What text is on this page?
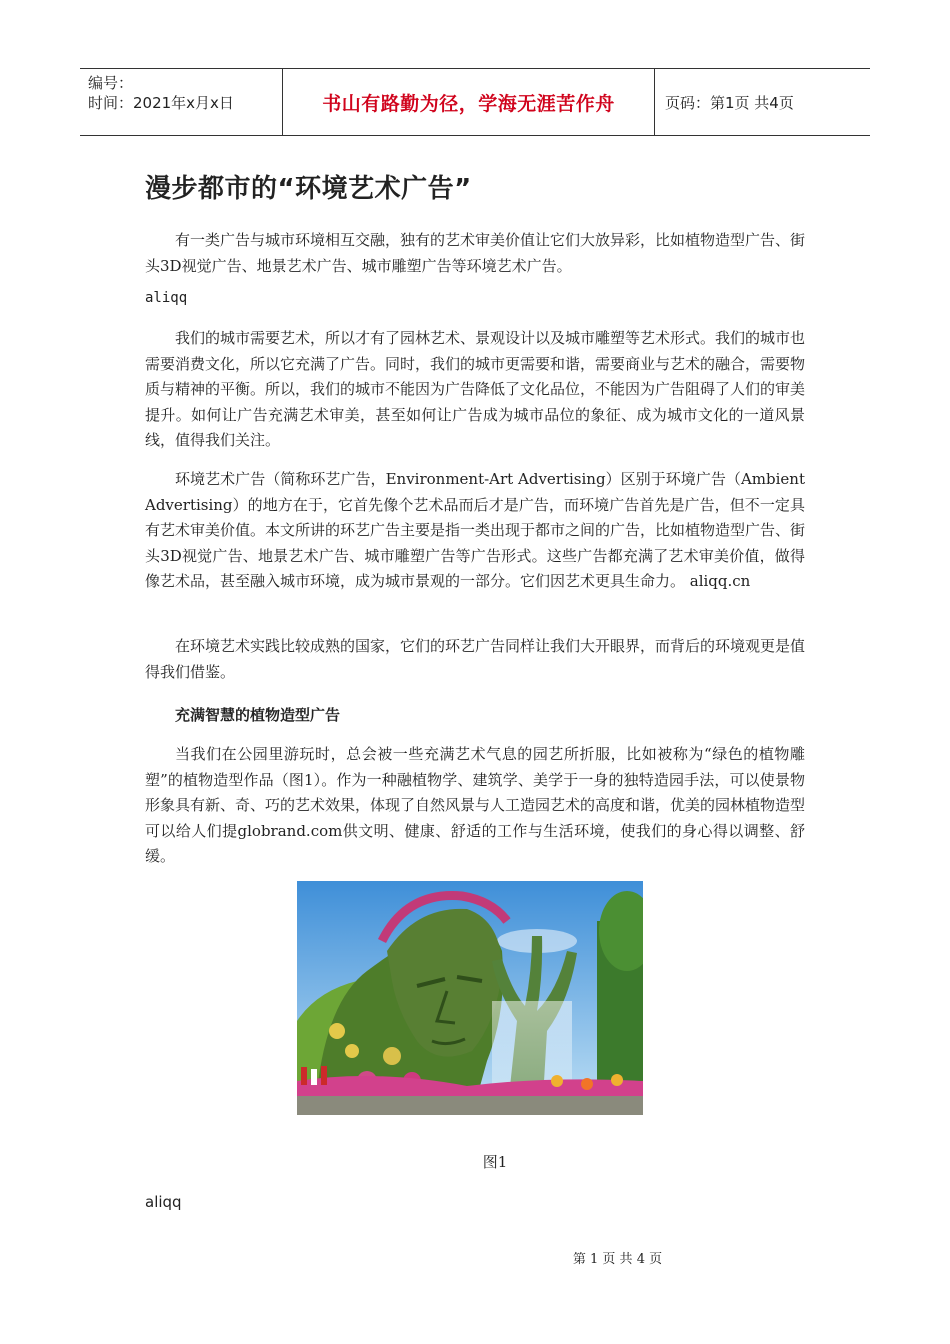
编号：
时间：2021年x月x日	书山有路勤为径，学海无涯苦作舟	页码：第1页 共4页
漫步都市的“环境艺术广告”

有一类广告与城市环境相互交融，独有的艺术审美价值让它们大放异彩，比如植物造型广告、街头3D视觉广告、地景艺术广告、城市雕塑广告等环境艺术广告。

aliqq

我们的城市需要艺术，所以才有了园林艺术、景观设计以及城市雕塑等艺术形式。我们的城市也需要消费文化，所以它充满了广告。同时，我们的城市更需要和谐，需要商业与艺术的融合，需要物质与精神的平衡。所以，我们的城市不能因为广告降低了文化品位，不能因为广告阻碍了人们的审美提升。如何让广告充满艺术审美，甚至如何让广告成为城市品位的象征、成为城市文化的一道风景线，值得我们关注。

环境艺术广告（简称环艺广告，Environment-Art Advertising）区别于环境广告（Ambient Advertising）的地方在于，它首先像个艺术品而后才是广告，而环境广告首先是广告，但不一定具有艺术审美价值。本文所讲的环艺广告主要是指一类出现于都市之间的广告，比如植物造型广告、街头3D视觉广告、地景艺术广告、城市雕塑广告等广告形式。这些广告都充满了艺术审美价值，做得像艺术品，甚至融入城市环境，成为城市景观的一部分。它们因艺术更具生命力。 aliqq.cn

在环境艺术实践比较成熟的国家，它们的环艺广告同样让我们大开眼界，而背后的环境观更是值得我们借鉴。

充满智慧的植物造型广告

当我们在公园里游玩时，总会被一些充满艺术气息的园艺所折服，比如被称为“绿色的植物雕塑”的植物造型作品（图1）。作为一种融植物学、建筑学、美学于一身的独特造园手法，可以使景物形象具有新、奇、巧的艺术效果，体现了自然风景与人工造园艺术的高度和谐，优美的园林植物造型可以给人们提globrand.com供文明、健康、舒适的工作与生活环境，使我们的身心得以调整、舒缓。

图1
aliqq
第 1 页 共 4 页
